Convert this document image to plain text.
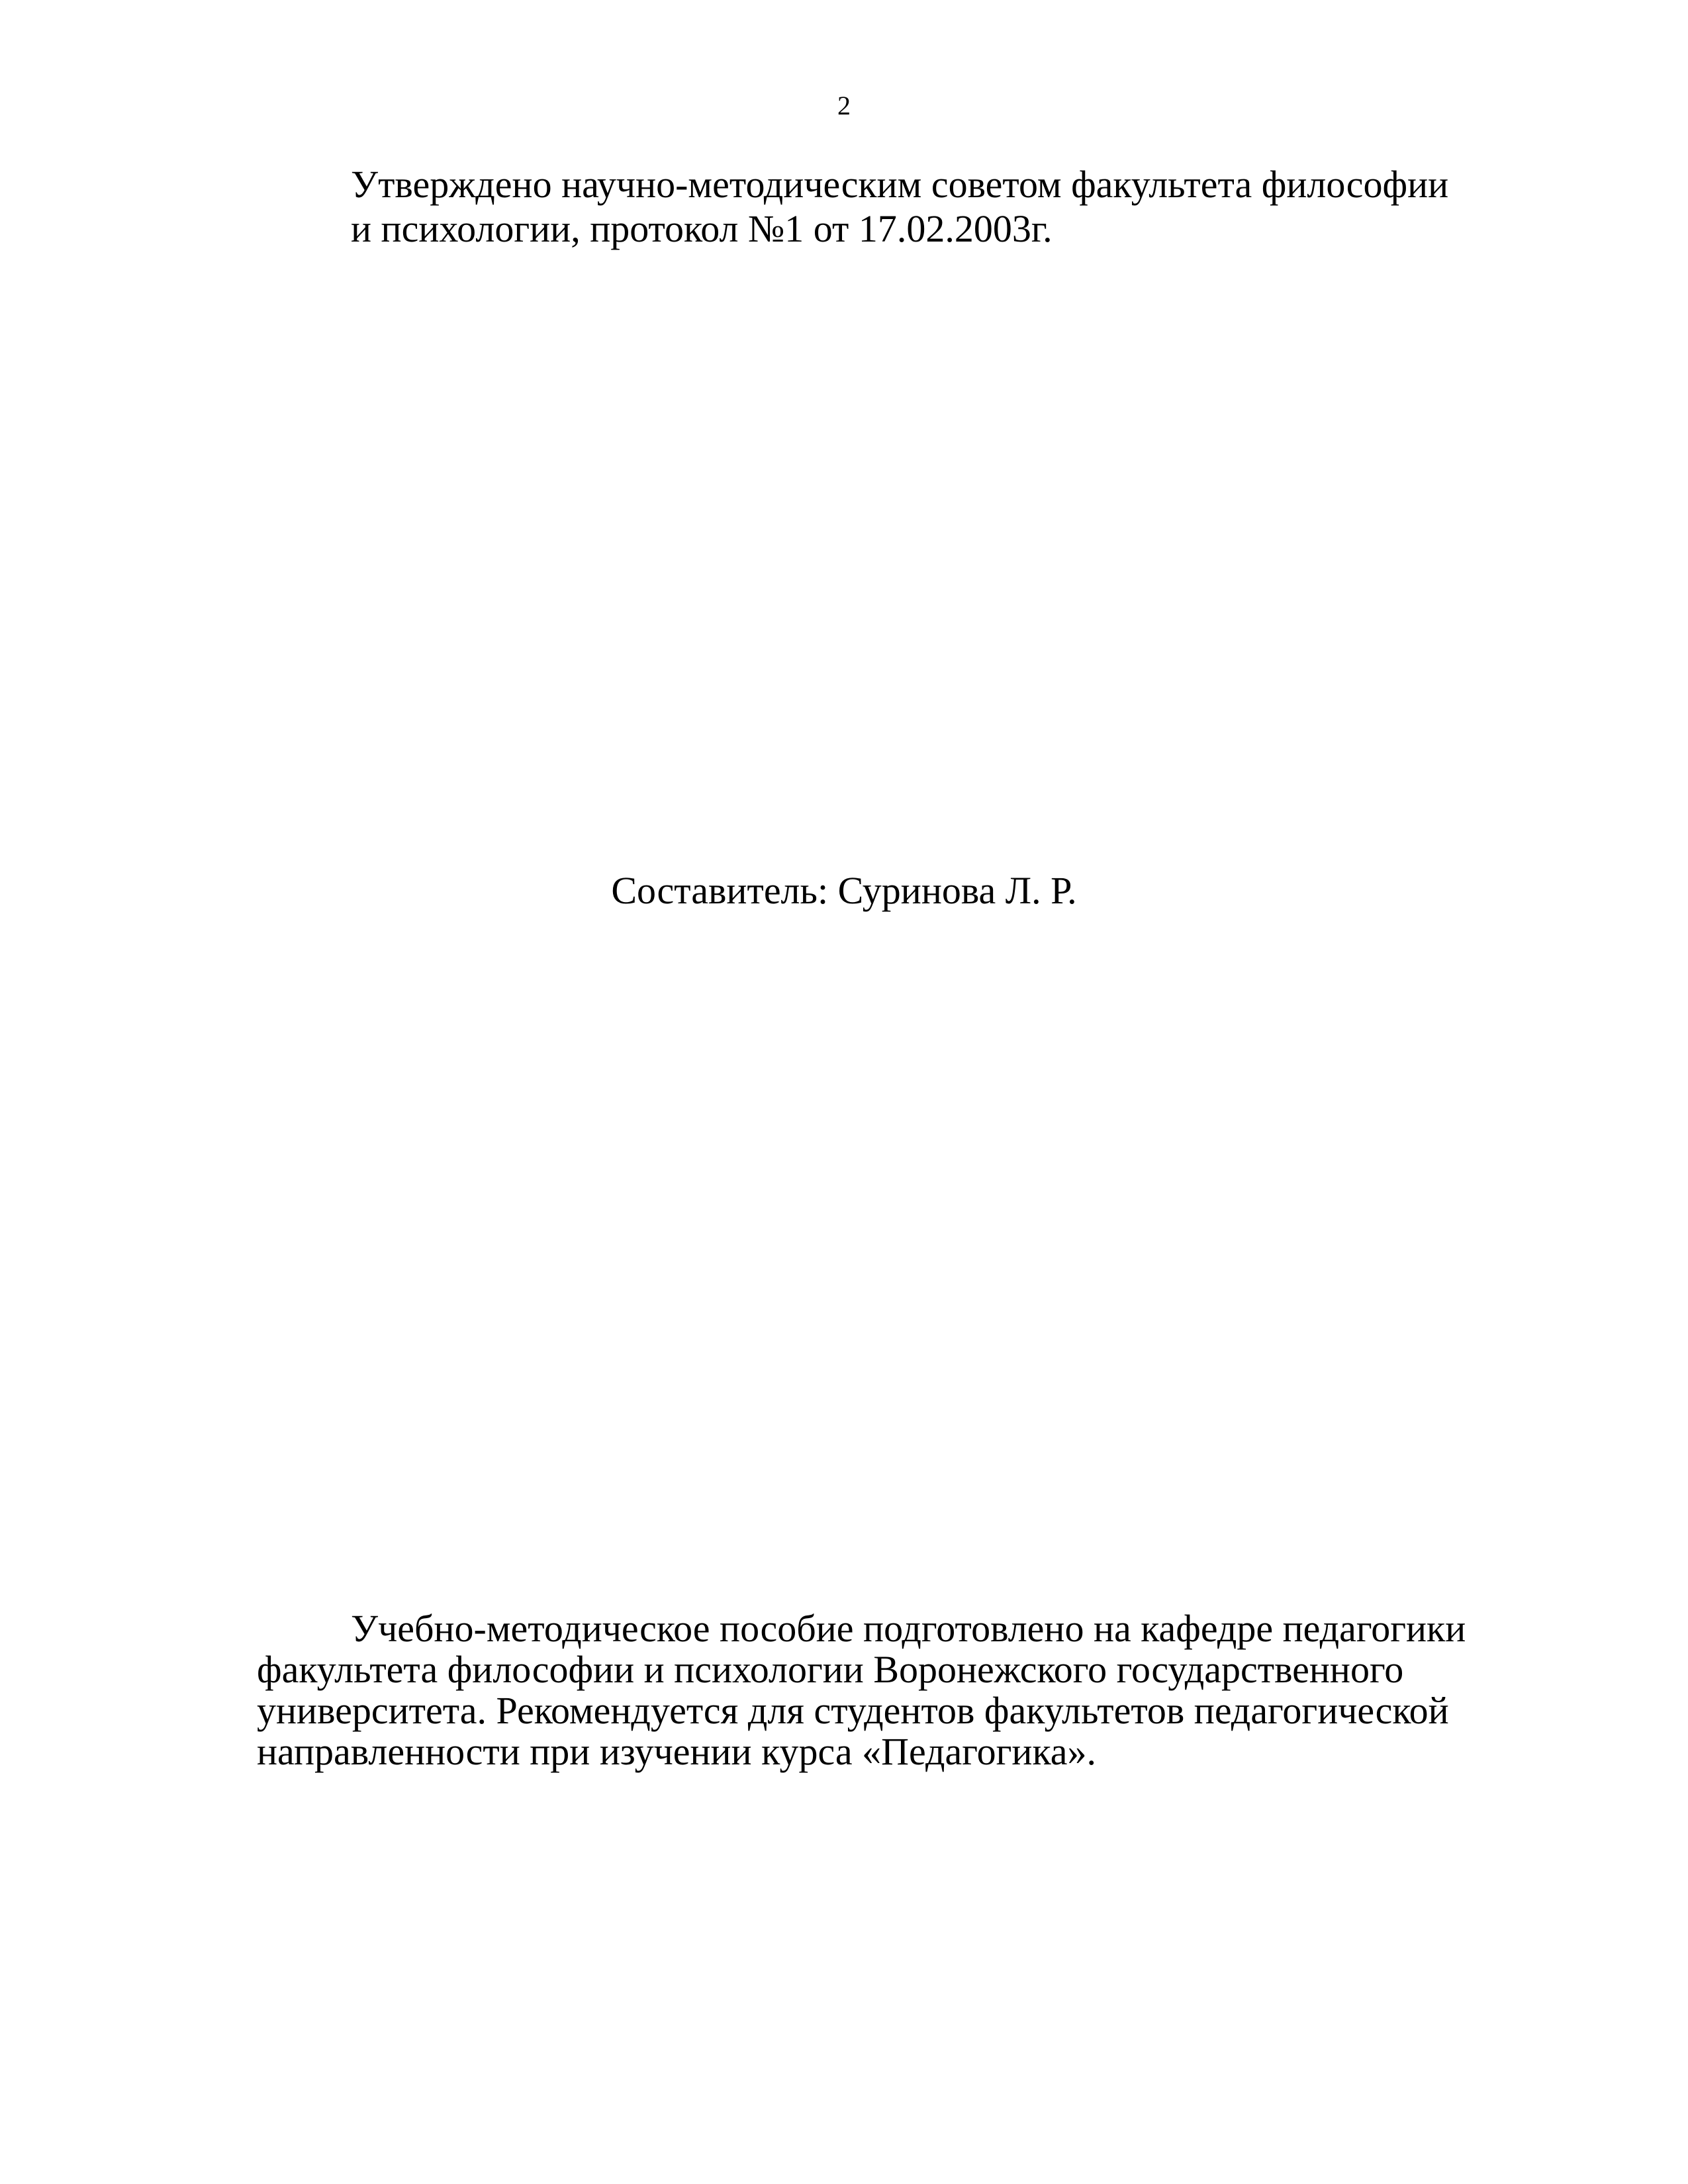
2
Утверждено научно-методическим советом факультета философии
и психологии, протокол №1 от 17.02.2003г.
Составитель: Суринова Л. Р.
Учебно-методическое пособие подготовлено на кафедре педагогики
факультета философии и психологии Воронежского государственного
университета. Рекомендуется для студентов факультетов педагогической
направленности при изучении курса «Педагогика».
